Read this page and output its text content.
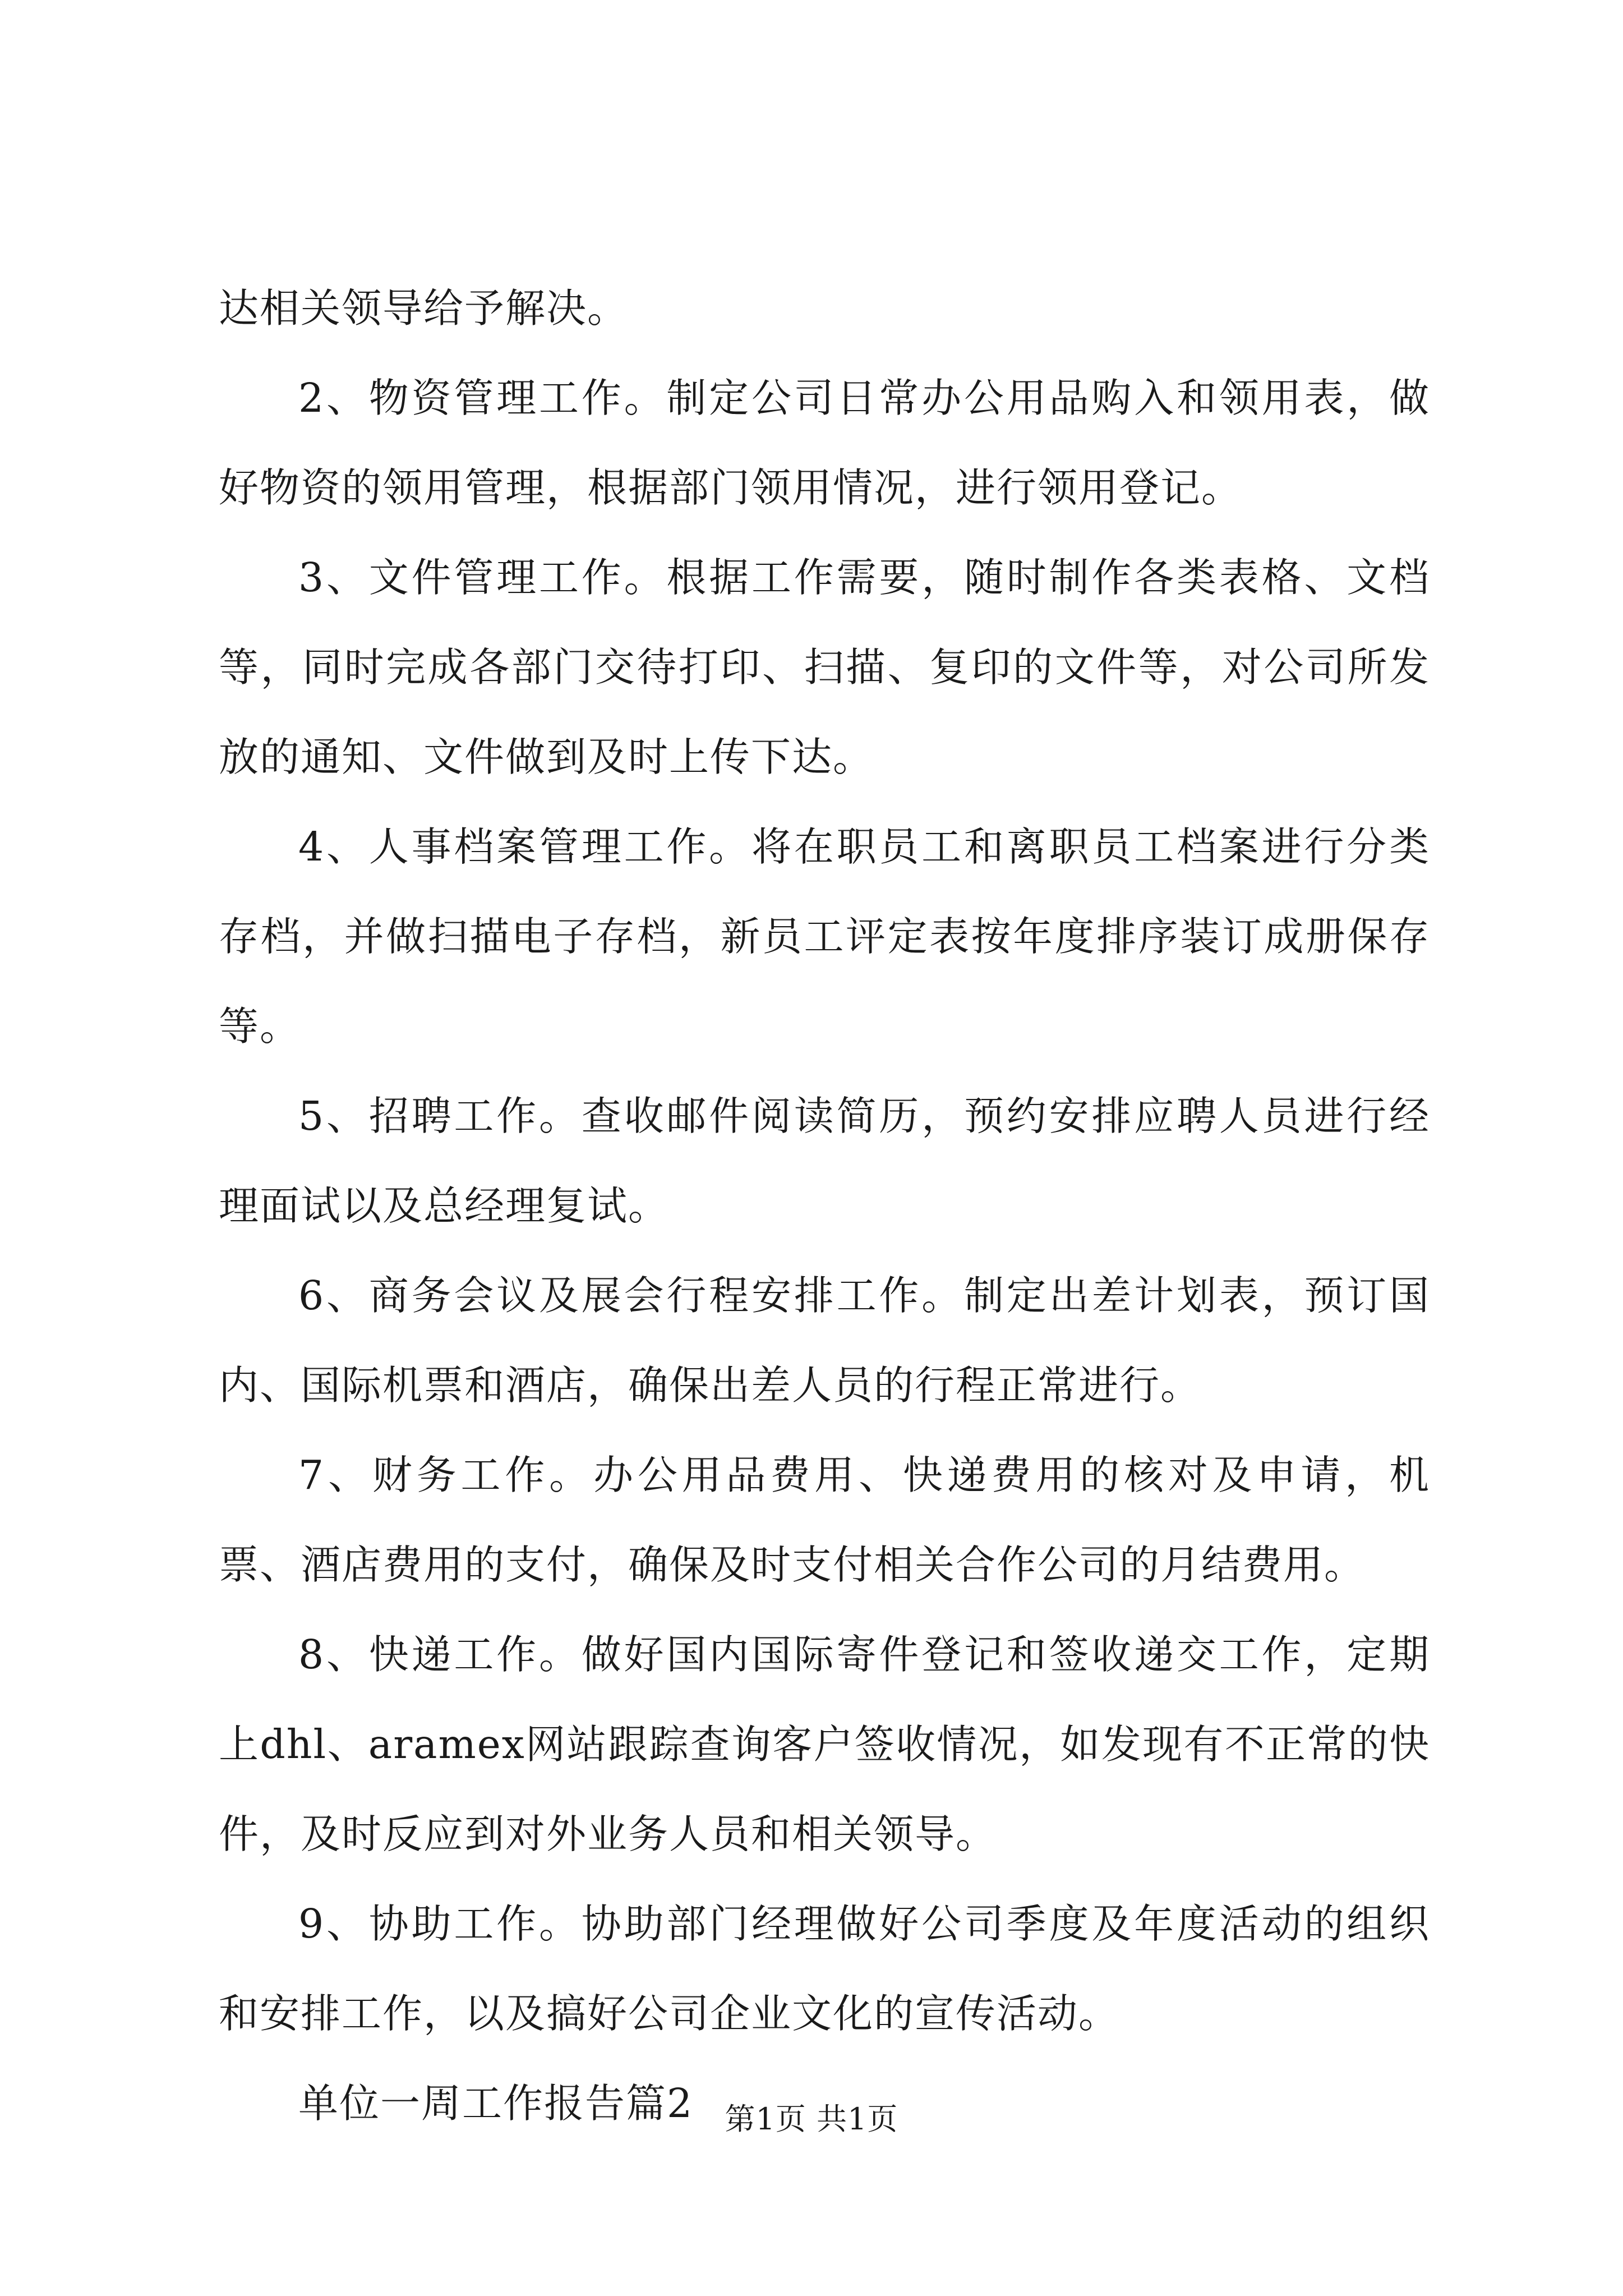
达相关领导给予解决。

2、物资管理工作。制定公司日常办公用品购入和领用表，做好物资的领用管理，根据部门领用情况，进行领用登记。

3、文件管理工作。根据工作需要，随时制作各类表格、文档等，同时完成各部门交待打印、扫描、复印的文件等，对公司所发放的通知、文件做到及时上传下达。

4、人事档案管理工作。将在职员工和离职员工档案进行分类存档，并做扫描电子存档，新员工评定表按年度排序装订成册保存等。

5、招聘工作。查收邮件阅读简历，预约安排应聘人员进行经理面试以及总经理复试。

6、商务会议及展会行程安排工作。制定出差计划表，预订国内、国际机票和酒店，确保出差人员的行程正常进行。

7、财务工作。办公用品费用、快递费用的核对及申请，机票、酒店费用的支付，确保及时支付相关合作公司的月结费用。

8、快递工作。做好国内国际寄件登记和签收递交工作，定期上dhl、aramex网站跟踪查询客户签收情况，如发现有不正常的快件，及时反应到对外业务人员和相关领导。

9、协助工作。协助部门经理做好公司季度及年度活动的组织和安排工作，以及搞好公司企业文化的宣传活动。

单位一周工作报告篇2	第1页 共1页
